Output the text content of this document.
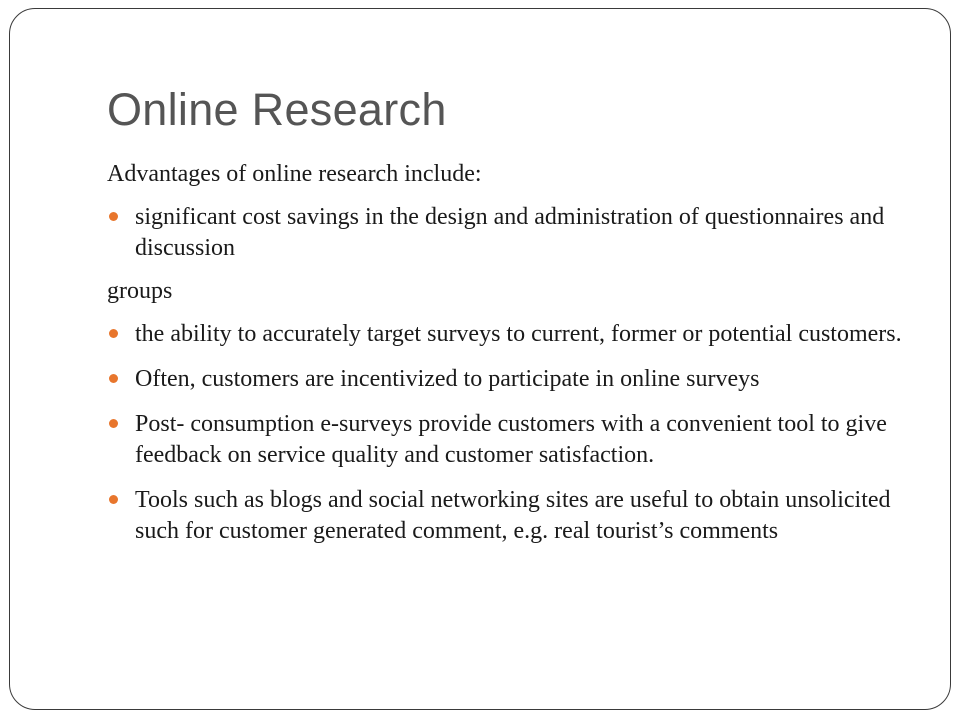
Online Research

Advantages of online research include:

significant cost savings in the design and administration of questionnaires and discussion

groups

the ability to accurately target surveys to current, former or potential customers.
Often, customers are incentivized to participate in online surveys
Post- consumption e-surveys provide customers with a convenient tool to give feedback on service quality and customer satisfaction.
Tools such as blogs and social networking sites are useful to obtain unsolicited such for customer generated comment, e.g. real tourist’s comments
